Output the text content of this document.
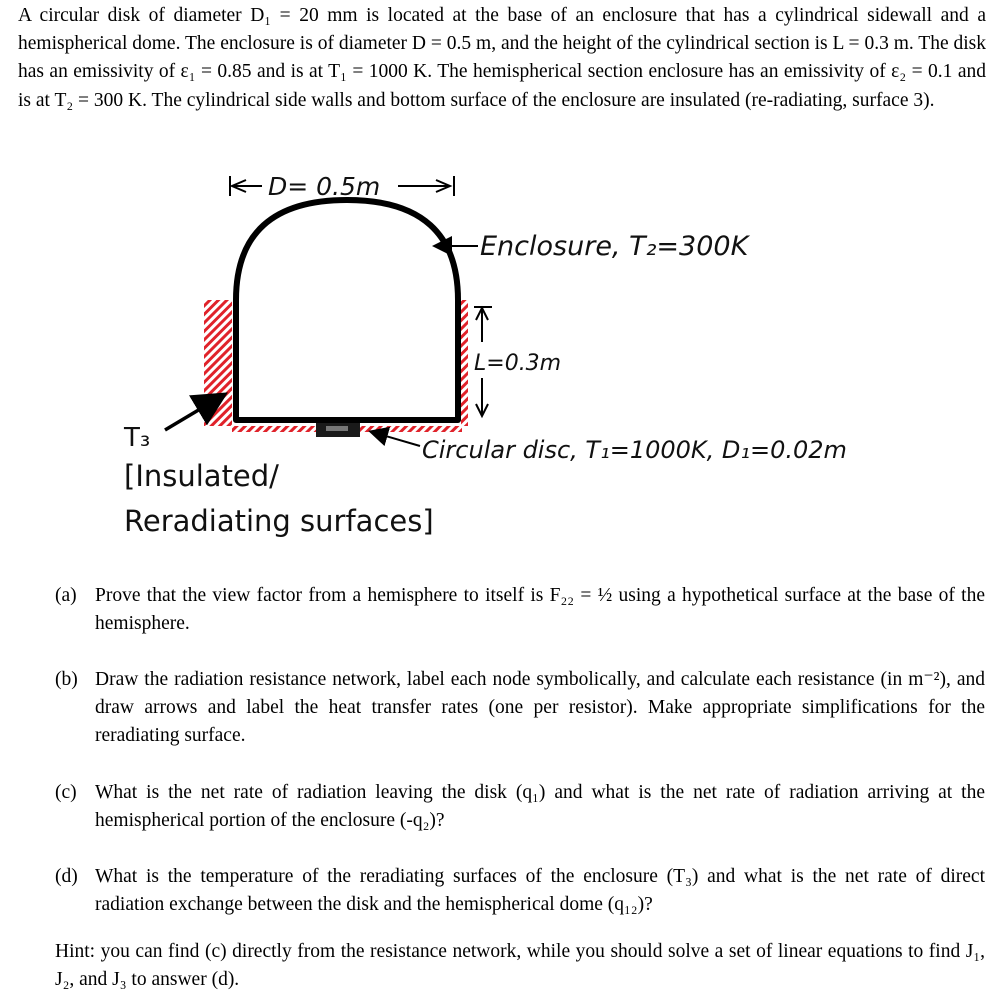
A circular disk of diameter D₁ = 20 mm is located at the base of an enclosure that has a cylindrical sidewall and a hemispherical dome. The enclosure is of diameter D = 0.5 m, and the height of the cylindrical section is L = 0.3 m. The disk has an emissivity of ε₁ = 0.85 and is at T₁ = 1000 K. The hemispherical section enclosure has an emissivity of ε₂ = 0.1 and is at T₂ = 300 K. The cylindrical side walls and bottom surface of the enclosure are insulated (re-radiating, surface 3).

D= 0.5m
Enclosure, T₂=300K
L=0.3m
Circular disc, T₁=1000K, D₁=0.02m
T₃
[Insulated/
Reradiating surfaces]
(a) Prove that the view factor from a hemisphere to itself is F₂₂ = ½ using a hypothetical surface at the base of the hemisphere.
(b) Draw the radiation resistance network, label each node symbolically, and calculate each resistance (in m⁻²), and draw arrows and label the heat transfer rates (one per resistor). Make appropriate simplifications for the reradiating surface.
(c) What is the net rate of radiation leaving the disk (q₁) and what is the net rate of radiation arriving at the hemispherical portion of the enclosure (-q₂)?
(d) What is the temperature of the reradiating surfaces of the enclosure (T₃) and what is the net rate of direct radiation exchange between the disk and the hemispherical dome (q₁₂)?
Hint: you can find (c) directly from the resistance network, while you should solve a set of linear equations to find J₁, J₂, and J₃ to answer (d).
